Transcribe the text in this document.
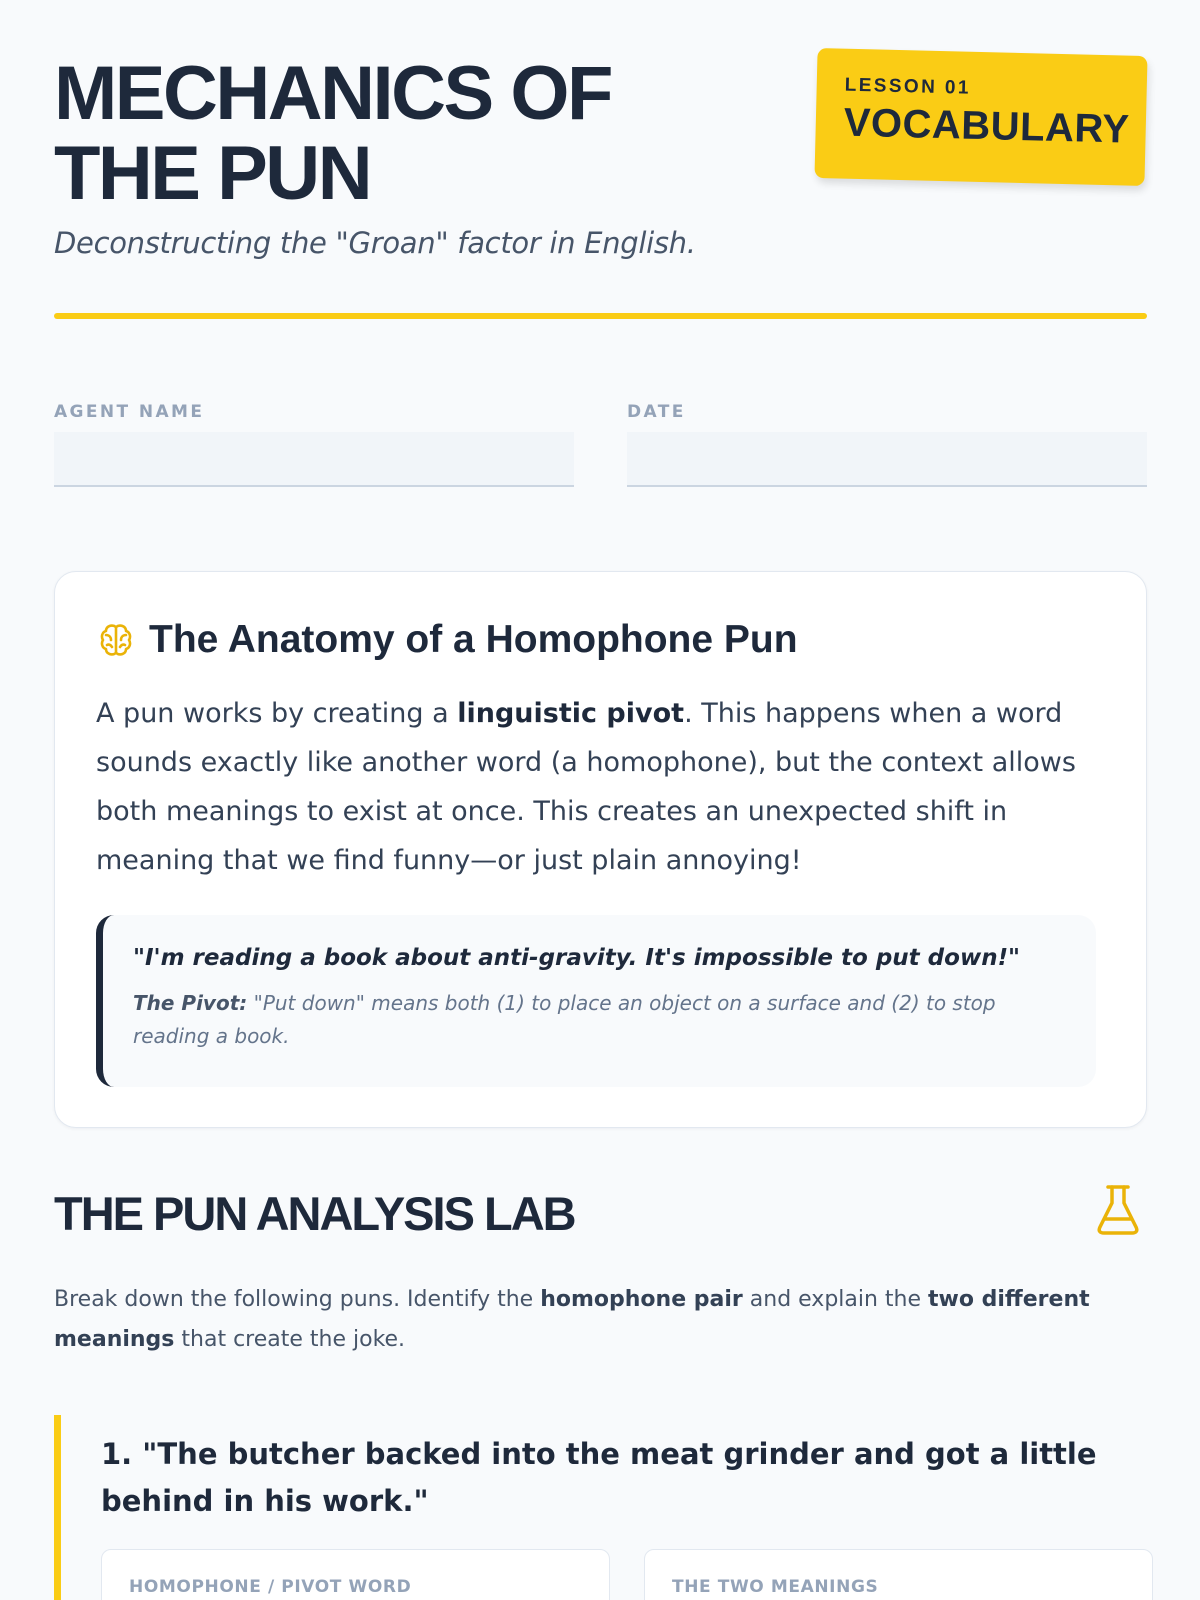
MECHANICS OF
THE PUN
Deconstructing the "Groan" factor in English.
LESSON 01
VOCABULARY
AGENT NAME	DATE
The Anatomy of a Homophone Pun

A pun works by creating a linguistic pivot. This happens when a word sounds exactly like another word (a homophone), but the context allows both meanings to exist at once. This creates an unexpected shift in meaning that we find funny—or just plain annoying!

"I'm reading a book about anti-gravity. It's impossible to put down!"
The Pivot: "Put down" means both (1) to place an object on a surface and (2) to stop reading a book.
THE PUN ANALYSIS LAB

Break down the following puns. Identify the homophone pair and explain the two different meanings that create the joke.

1. "The butcher backed into the meat grinder and got a little behind in his work."
HOMOPHONE / PIVOT WORD	THE TWO MEANINGS
